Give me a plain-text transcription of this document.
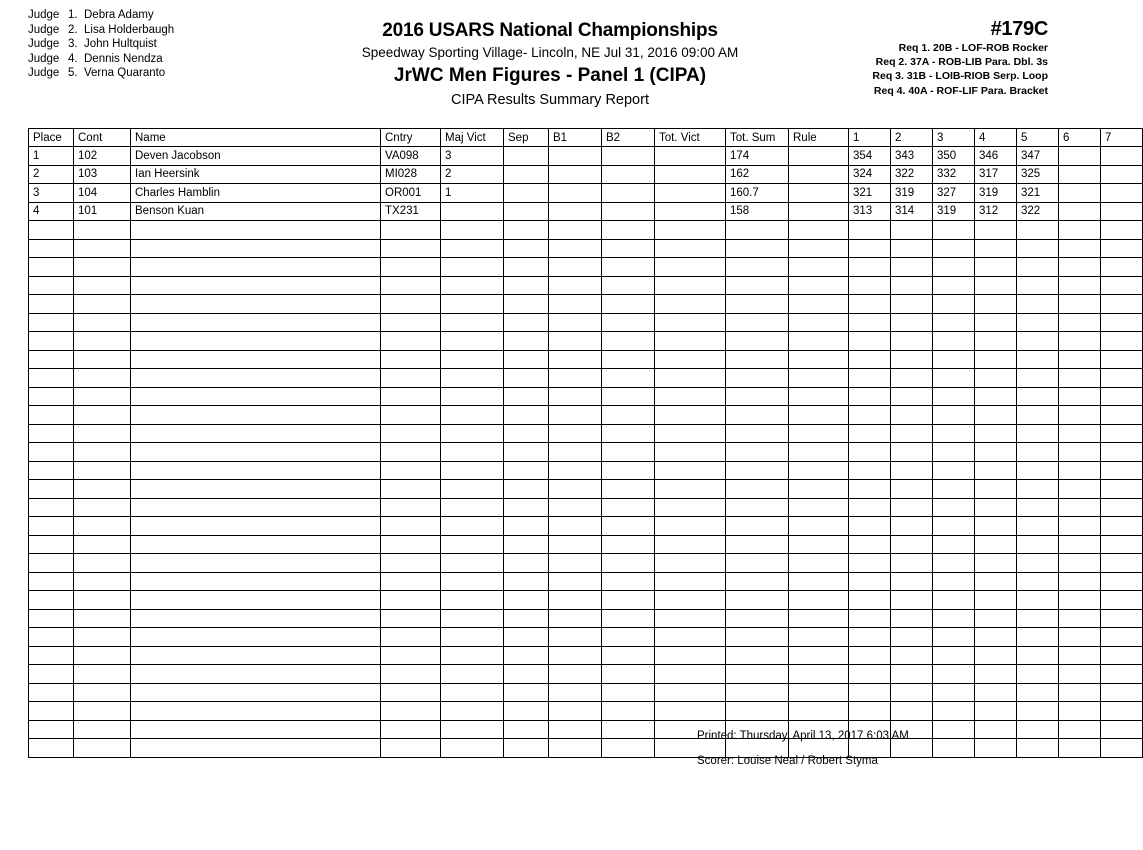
Judge 1. Debra Adamy
Judge 2. Lisa Holderbaugh
Judge 3. John Hultquist
Judge 4. Dennis Nendza
Judge 5. Verna Quaranto
2016 USARS National Championships
Speedway Sporting Village- Lincoln, NE Jul 31, 2016 09:00 AM
JrWC Men Figures - Panel 1 (CIPA)
CIPA Results Summary Report
#179C
Req 1. 20B - LOF-ROB Rocker
Req 2. 37A - ROB-LIB Para. Dbl. 3s
Req 3. 31B - LOIB-RIOB Serp. Loop
Req 4. 40A - ROF-LIF Para. Bracket
Place	Cont	Name	Cntry	Maj Vict	Sep	B1	B2	Tot. Vict	Tot. Sum	Rule	1	2	3	4	5	6	7
1	102	Deven Jacobson	VA098	3					174		354	343	350	346	347		
2	103	Ian Heersink	MI028	2					162		324	322	332	317	325		
3	104	Charles Hamblin	OR001	1					160.7		321	319	327	319	321		
4	101	Benson Kuan	TX231						158		313	314	319	312	322		

Printed: Thursday, April 13, 2017 6:03 AM
Scorer: Louise Neal / Robert Styma
